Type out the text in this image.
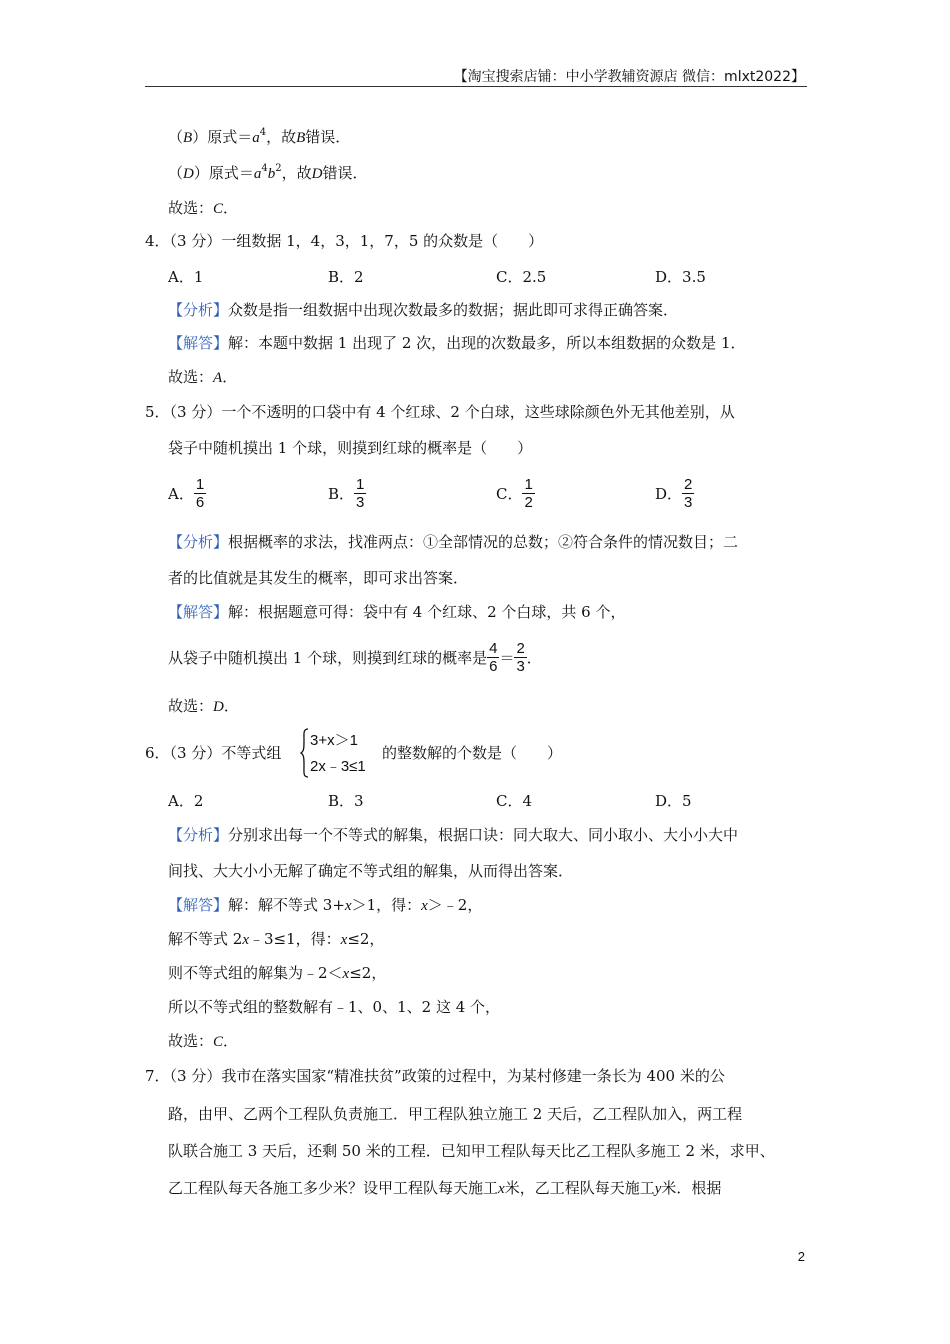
【淘宝搜索店铺：中小学教辅资源店 微信：mlxt2022】
（B）原式$=a^4$，故B错误．
（D）原式$=a^4b^2$，故D错误．
故选：C．
4．（3 分）一组数据 1，4，3，1，7，5 的众数是（　　）
A．1	B．2	C．2.5	D．3.5
【分析】众数是指一组数据中出现次数最多的数据；据此即可求得正确答案．
【解答】解：本题中数据 1 出现了 2 次，出现的次数最多，所以本组数据的众数是 1．
故选：A．
5．（3 分）一个不透明的口袋中有 4 个红球、2 个白球，这些球除颜色外无其他差别，从
袋子中随机摸出 1 个球，则摸到红球的概率是（　　）
A． $\frac{1}{6}$	B． $\frac{1}{3}$	C． $\frac{1}{2}$	D． $\frac{2}{3}$
【分析】根据概率的求法，找准两点：①全部情况的总数；②符合条件的情况数目；二
者的比值就是其发生的概率，即可求出答案．
【解答】解：根据题意可得：袋中有 4 个红球、2 个白球，共 6 个，
从袋子中随机摸出 1 个球，则摸到红球的概率是 $\frac{4}{6} = \frac{2}{3}$ ．
故选：D．
6．（3 分）不等式组
3+x＞1
2x﹣3≤1
的整数解的个数是（　　）
A．2	B．3	C．4	D．5
【分析】分别求出每一个不等式的解集，根据口诀：同大取大、同小取小、大小小大中
间找、大大小小无解了确定不等式组的解集，从而得出答案．
【解答】解：解不等式 3+x＞1，得：x＞﹣2，
解不等式 2x﹣3≤1，得：x≤2，
则不等式组的解集为﹣2＜x≤2，
所以不等式组的整数解有﹣1、0、1、2 这 4 个，
故选：C．
7．（3 分）我市在落实国家“精准扶贫”政策的过程中，为某村修建一条长为 400 米的公
路，由甲、乙两个工程队负责施工．甲工程队独立施工 2 天后，乙工程队加入，两工程
队联合施工 3 天后，还剩 50 米的工程．已知甲工程队每天比乙工程队多施工 2 米，求甲、
乙工程队每天各施工多少米？设甲工程队每天施工x米，乙工程队每天施工y米．根据
2
